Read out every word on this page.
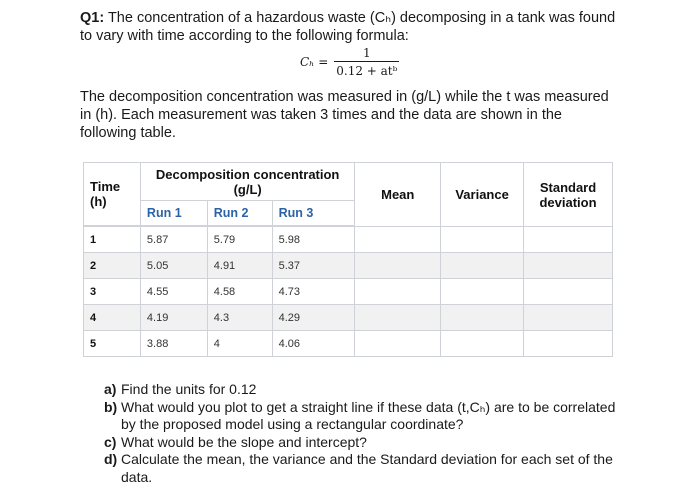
Q1: The concentration of a hazardous waste (Cₕ) decomposing in a tank was found to vary with time according to the following formula:

$C_h = \frac{1}{\text{0.12 + atᵇ}}$

The decomposition concentration was measured in (g/L) while the t was measured in (h). Each measurement was taken 3 times and the data are shown in the following table.

Time (h)	Decomposition concentration (g/L)			Mean	Variance	Standard deviation
	Run 1	Run 2	Run 3			

1	5.87	5.79	5.98			
2	5.05	4.91	5.37			
3	4.55	4.58	4.73			
4	4.19	4.3	4.29			
5	3.88	4	4.06			
a) Find the units for 0.12
b) What would you plot to get a straight line if these data (t,Cₕ) are to be correlated by the proposed model using a rectangular coordinate?
c) What would be the slope and intercept?
d) Calculate the mean, the variance and the Standard deviation for each set of the data.
